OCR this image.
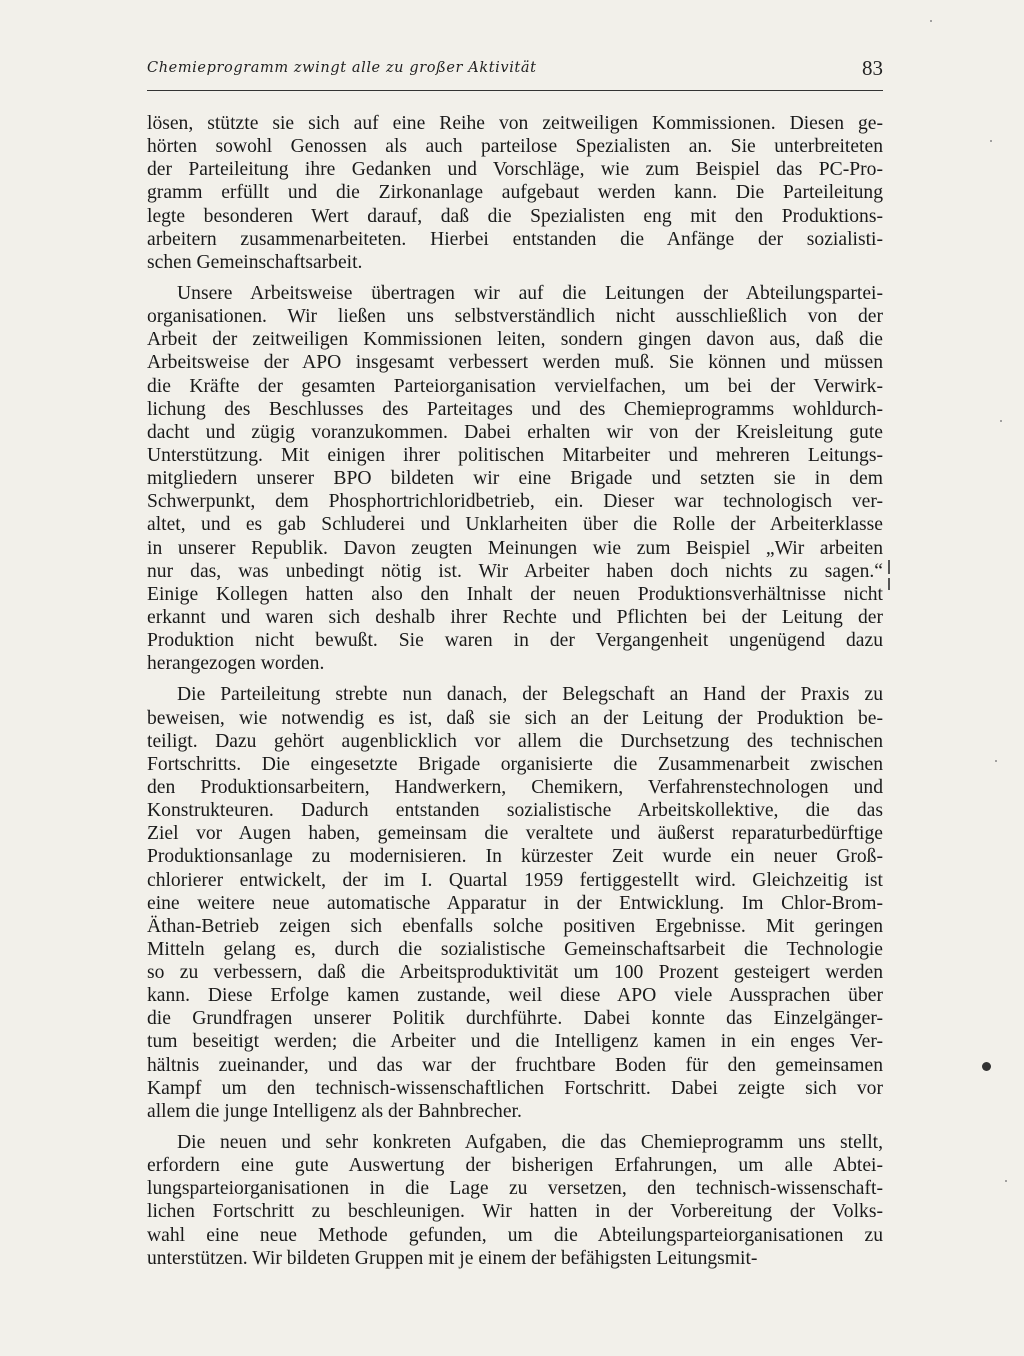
Chemieprogramm zwingt alle zu großer Aktivität	83
lösen, stützte sie sich auf eine Reihe von zeitweiligen Kommissionen. Diesen ge-
hörten sowohl Genossen als auch parteilose Spezialisten an. Sie unterbreiteten
der Parteileitung ihre Gedanken und Vorschläge, wie zum Beispiel das PC-Pro-
gramm erfüllt und die Zirkonanlage aufgebaut werden kann. Die Parteileitung
legte besonderen Wert darauf, daß die Spezialisten eng mit den Produktions-
arbeitern zusammenarbeiteten. Hierbei entstanden die Anfänge der sozialisti-
schen Gemeinschaftsarbeit.
Unsere Arbeitsweise übertragen wir auf die Leitungen der Abteilungspartei-
organisationen. Wir ließen uns selbstverständlich nicht ausschließlich von der
Arbeit der zeitweiligen Kommissionen leiten, sondern gingen davon aus, daß die
Arbeitsweise der APO insgesamt verbessert werden muß. Sie können und müssen
die Kräfte der gesamten Parteiorganisation vervielfachen, um bei der Verwirk-
lichung des Beschlusses des Parteitages und des Chemieprogramms wohldurch-
dacht und zügig voranzukommen. Dabei erhalten wir von der Kreisleitung gute
Unterstützung. Mit einigen ihrer politischen Mitarbeiter und mehreren Leitungs-
mitgliedern unserer BPO bildeten wir eine Brigade und setzten sie in dem
Schwerpunkt, dem Phosphortrichloridbetrieb, ein. Dieser war technologisch ver-
altet, und es gab Schluderei und Unklarheiten über die Rolle der Arbeiterklasse
in unserer Republik. Davon zeugten Meinungen wie zum Beispiel „Wir arbeiten
nur das, was unbedingt nötig ist. Wir Arbeiter haben doch nichts zu sagen.“
Einige Kollegen hatten also den Inhalt der neuen Produktionsverhältnisse nicht
erkannt und waren sich deshalb ihrer Rechte und Pflichten bei der Leitung der
Produktion nicht bewußt. Sie waren in der Vergangenheit ungenügend dazu
herangezogen worden.
Die Parteileitung strebte nun danach, der Belegschaft an Hand der Praxis zu
beweisen, wie notwendig es ist, daß sie sich an der Leitung der Produktion be-
teiligt. Dazu gehört augenblicklich vor allem die Durchsetzung des technischen
Fortschritts. Die eingesetzte Brigade organisierte die Zusammenarbeit zwischen
den Produktionsarbeitern, Handwerkern, Chemikern, Verfahrenstechnologen und
Konstrukteuren. Dadurch entstanden sozialistische Arbeitskollektive, die das
Ziel vor Augen haben, gemeinsam die veraltete und äußerst reparaturbedürftige
Produktionsanlage zu modernisieren. In kürzester Zeit wurde ein neuer Groß-
chlorierer entwickelt, der im I. Quartal 1959 fertiggestellt wird. Gleichzeitig ist
eine weitere neue automatische Apparatur in der Entwicklung. Im Chlor-Brom-
Äthan-Betrieb zeigen sich ebenfalls solche positiven Ergebnisse. Mit geringen
Mitteln gelang es, durch die sozialistische Gemeinschaftsarbeit die Technologie
so zu verbessern, daß die Arbeitsproduktivität um 100 Prozent gesteigert werden
kann. Diese Erfolge kamen zustande, weil diese APO viele Aussprachen über
die Grundfragen unserer Politik durchführte. Dabei konnte das Einzelgänger-
tum beseitigt werden; die Arbeiter und die Intelligenz kamen in ein enges Ver-
hältnis zueinander, und das war der fruchtbare Boden für den gemeinsamen
Kampf um den technisch-wissenschaftlichen Fortschritt. Dabei zeigte sich vor
allem die junge Intelligenz als der Bahnbrecher.
Die neuen und sehr konkreten Aufgaben, die das Chemieprogramm uns stellt,
erfordern eine gute Auswertung der bisherigen Erfahrungen, um alle Abtei-
lungsparteiorganisationen in die Lage zu versetzen, den technisch-wissenschaft-
lichen Fortschritt zu beschleunigen. Wir hatten in der Vorbereitung der Volks-
wahl eine neue Methode gefunden, um die Abteilungsparteiorganisationen zu
unterstützen. Wir bildeten Gruppen mit je einem der befähigsten Leitungsmit-
